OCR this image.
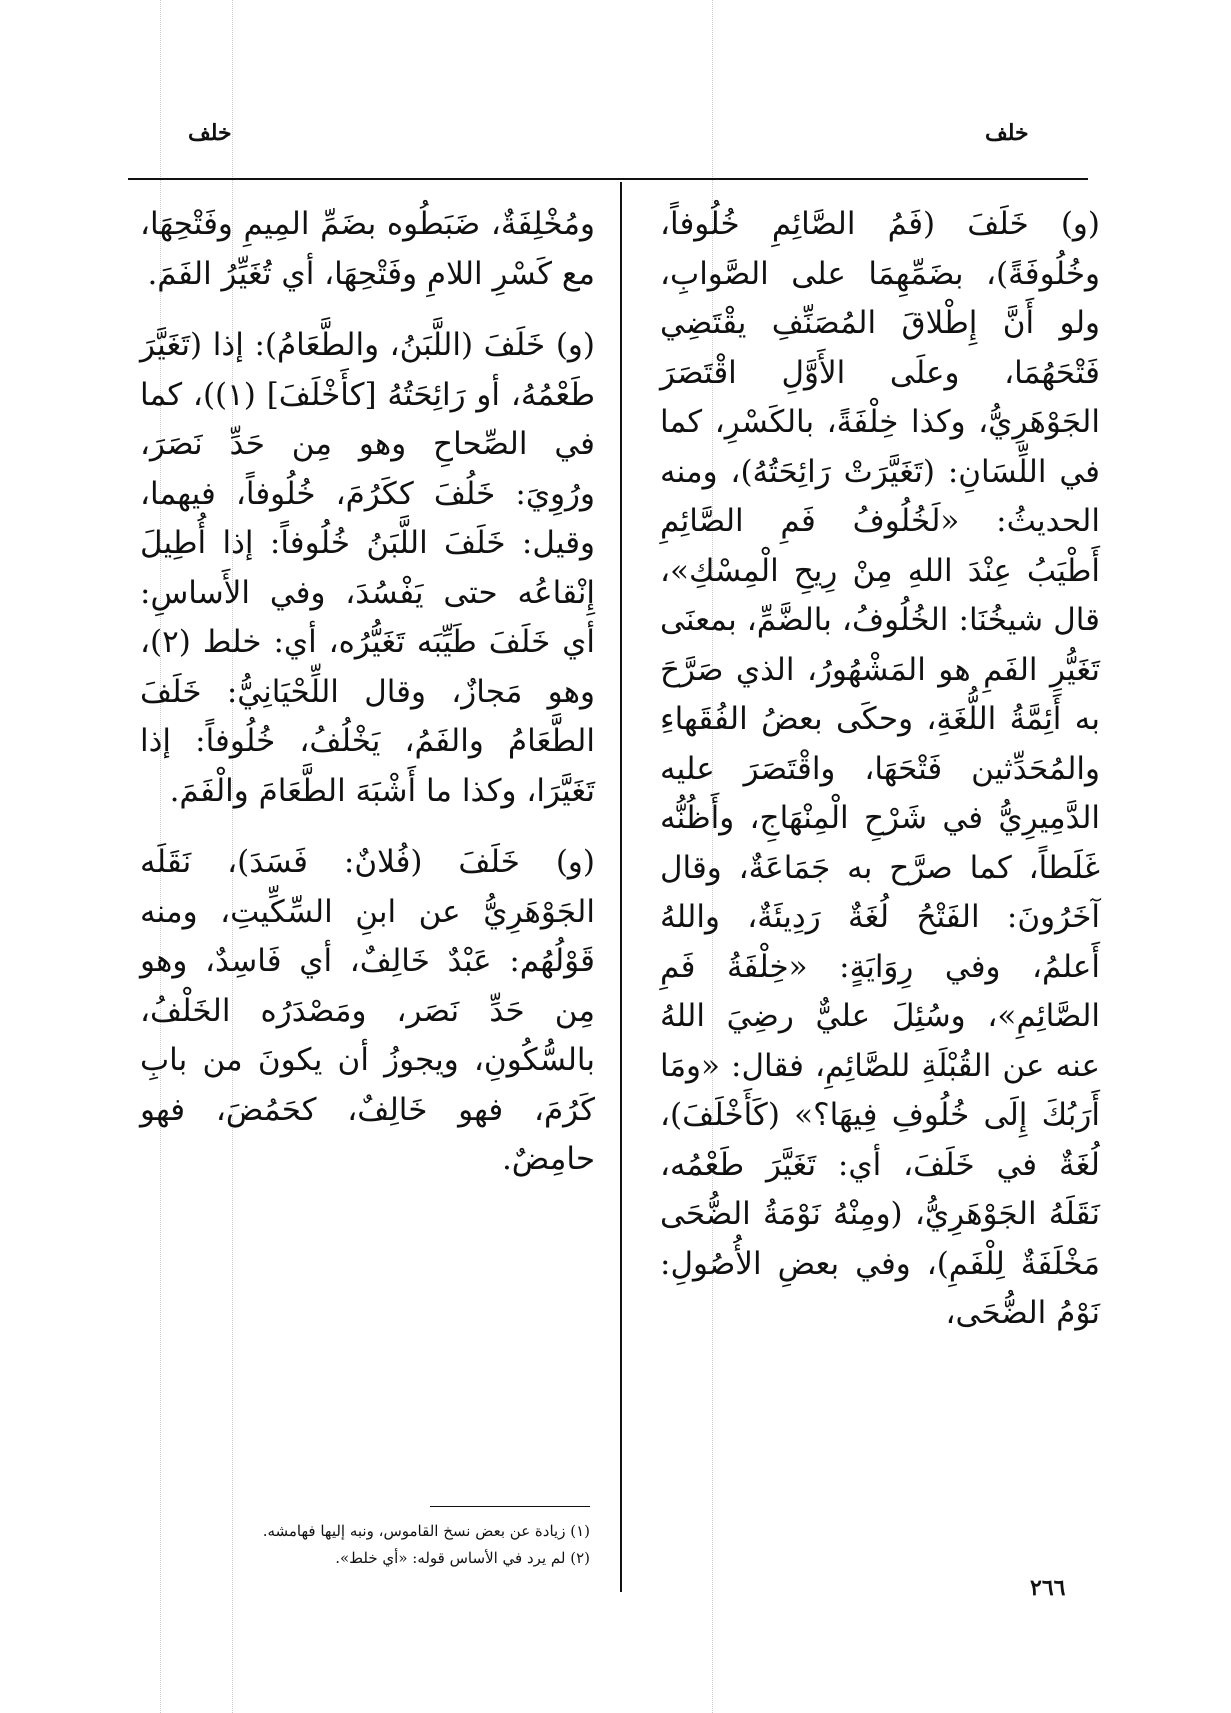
خلف
خلف

(و) خَلَفَ (فَمُ الصَّائِمِ خُلُوفاً، وخُلُوفَةً)، بضَمِّهِمَا على الصَّوابِ، ولو أَنَّ إِطْلاقَ المُصَنِّفِ يقْتَضِي فَتْحَهُمَا، وعلَى الأَوَّلِ اقْتَصَرَ الجَوْهَرِيُّ، وكذا خِلْفَةً، بالكَسْرِ، كما في اللِّسَانِ: (تَغَيَّرَتْ رَائِحَتُهُ)، ومنه الحديثُ: «لَخُلُوفُ فَمِ الصَّائِمِ أَطْيَبُ عِنْدَ اللهِ مِنْ رِيحِ الْمِسْكِ»، قال شيخُنَا: الخُلُوفُ، بالضَّمِّ، بمعنَى تَغَيُّرِ الفَمِ هو المَشْهُورُ، الذي صَرَّحَ به أَئِمَّةُ اللُّغَةِ، وحكَى بعضُ الفُقَهاءِ والمُحَدِّثين فَتْحَهَا، واقْتَصَرَ عليه الدَّمِيرِيُّ في شَرْحِ الْمِنْهَاجِ، وأَظُنُّه غَلَطاً، كما صرَّح به جَمَاعَةٌ، وقال آخَرُونَ: الفَتْحُ لُغَةٌ رَدِيئَةٌ، واللهُ أَعلمُ، وفي رِوَايَةٍ: «خِلْفَةُ فَمِ الصَّائِمِ»، وسُئِلَ عليٌّ رضِيَ اللهُ عنه عن القُبْلَةِ للصَّائِمِ، فقال: «ومَا أَرَبُكَ إِلَى خُلُوفِ فِيهَا؟» (كَأَخْلَفَ)، لُغَةٌ في خَلَفَ، أي: تَغَيَّرَ طَعْمُه، نَقَلَهُ الجَوْهَرِيُّ، (ومِنْهُ نَوْمَةُ الضُّحَى مَخْلَفَةٌ لِلْفَمِ)، وفي بعضِ الأُصُولِ: نَوْمُ الضُّحَى،

ومُخْلِفَةٌ، ضَبَطُوه بضَمِّ المِيمِ وفَتْحِهَا، مع كَسْرِ اللامِ وفَتْحِهَا، أي تُغَيِّرُ الفَمَ.

(و) خَلَفَ (اللَّبَنُ، والطَّعَامُ): إذا (تَغَيَّرَ طَعْمُهُ، أو رَائِحَتُهُ [كأَخْلَفَ] (١))، كما في الصِّحاحِ وهو مِن حَدِّ نَصَرَ، ورُوِيَ: خَلُفَ ككَرُمَ، خُلُوفاً، فيهما، وقيل: خَلَفَ اللَّبَنُ خُلُوفاً: إذا أُطِيلَ إِنْقاعُه حتى يَفْسُدَ، وفي الأَساسِ: أي خَلَفَ طَيِّبَه تَغَيُّرُه، أي: خلط (٢)، وهو مَجازٌ، وقال اللِّحْيَانِيُّ: خَلَفَ الطَّعَامُ والفَمُ، يَخْلُفُ، خُلُوفاً: إذا تَغَيَّرَا، وكذا ما أَشْبَهَ الطَّعَامَ والْفَمَ.

(و) خَلَفَ (فُلانٌ: فَسَدَ)، نَقَلَه الجَوْهَرِيُّ عن ابنِ السِّكِّيتِ، ومنه قَوْلُهُم: عَبْدٌ خَالِفٌ، أي فَاسِدٌ، وهو مِن حَدِّ نَصَر، ومَصْدَرُه الخَلْفُ، بالسُّكُونِ، ويجوزُ أن يكونَ من بابِ كَرُمَ، فهو خَالِفٌ، كحَمُضَ، فهو حامِضٌ.

(١) زيادة عن بعض نسخ القاموس، ونبه إليها فهامشه.
(٢) لم يرد في الأساس قوله: «أي خلط».
٢٦٦
